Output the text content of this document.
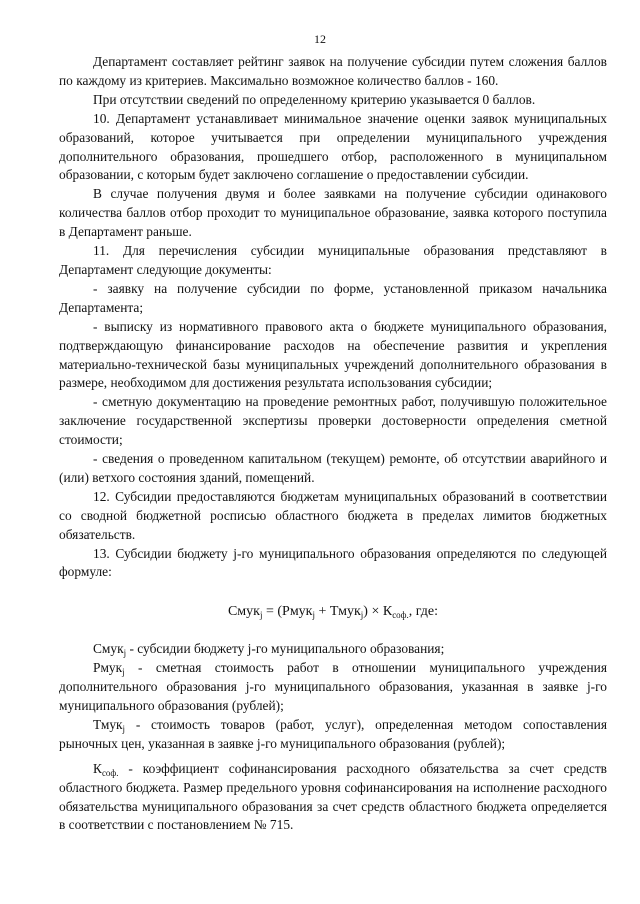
12

Департамент составляет рейтинг заявок на получение субсидии путем сложения баллов по каждому из критериев. Максимально возможное количество баллов - 160.

При отсутствии сведений по определенному критерию указывается 0 баллов.

10. Департамент устанавливает минимальное значение оценки заявок муниципальных образований, которое учитывается при определении муниципального учреждения дополнительного образования, прошедшего отбор, расположенного в муниципальном образовании, с которым будет заключено соглашение о предоставлении субсидии.

В случае получения двумя и более заявками на получение субсидии одинакового количества баллов отбор проходит то муниципальное образование, заявка которого поступила в Департамент раньше.

11. Для перечисления субсидии муниципальные образования представляют в Департамент следующие документы:

- заявку на получение субсидии по форме, установленной приказом начальника Департамента;

- выписку из нормативного правового акта о бюджете муниципального образования, подтверждающую финансирование расходов на обеспечение развития и укрепления материально-технической базы муниципальных учреждений дополнительного образования в размере, необходимом для достижения результата использования субсидии;

- сметную документацию на проведение ремонтных работ, получившую положительное заключение государственной экспертизы проверки достоверности определения сметной стоимости;

- сведения о проведенном капитальном (текущем) ремонте, об отсутствии аварийного и (или) ветхого состояния зданий, помещений.

12. Субсидии предоставляются бюджетам муниципальных образований в соответствии со сводной бюджетной росписью областного бюджета в пределах лимитов бюджетных обязательств.

13. Субсидии бюджету j-го муниципального образования определяются по следующей формуле:

Смук$_j$ = (Рмук$_j$ + Тмук$_j$) × $К_{соф.}$, где:

Смук$_j$ - субсидии бюджету j-го муниципального образования;

Рмук$_j$ - сметная стоимость работ в отношении муниципального учреждения дополнительного образования j-го муниципального образования, указанная в заявке j-го муниципального образования (рублей);

Тмук$_j$ - стоимость товаров (работ, услуг), определенная методом сопоставления рыночных цен, указанная в заявке j-го муниципального образования (рублей);

$К_{соф.}$ - коэффициент софинансирования расходного обязательства за счет средств областного бюджета. Размер предельного уровня софинансирования на исполнение расходного обязательства муниципального образования за счет средств областного бюджета определяется в соответствии с постановлением № 715.
